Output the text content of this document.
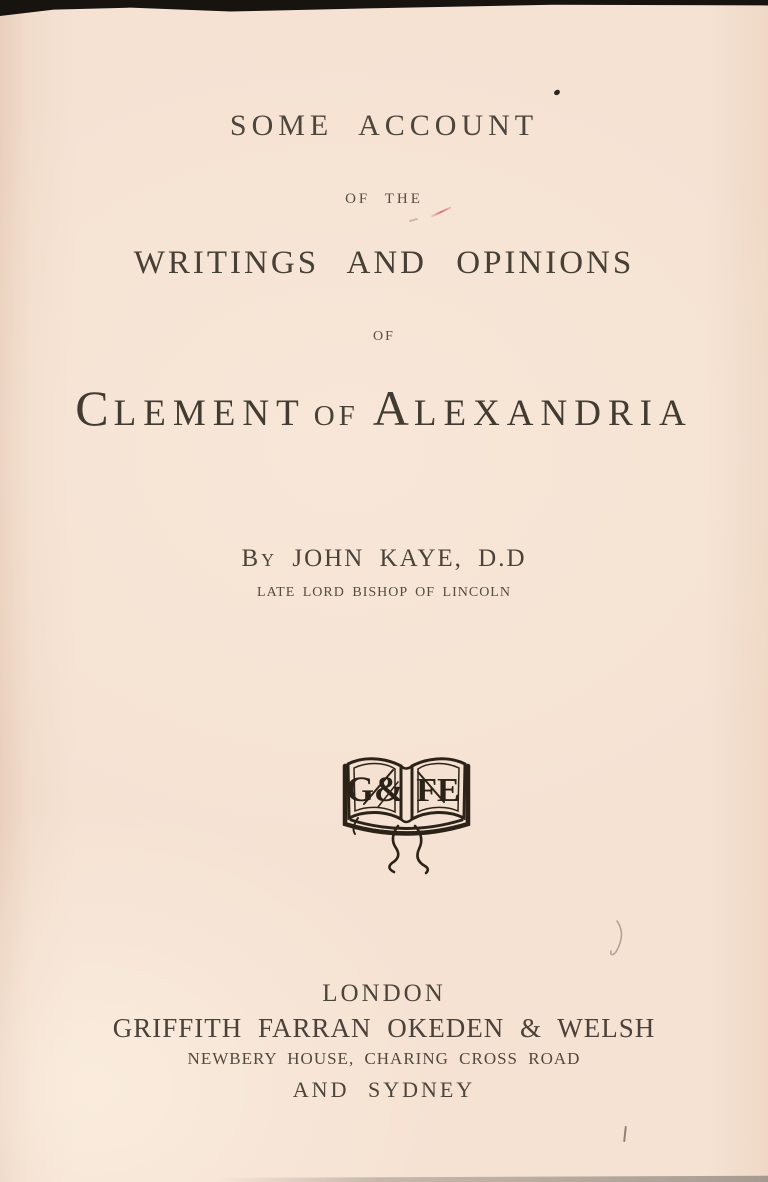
SOME ACCOUNT
OF THE
WRITINGS AND OPINIONS
OF
CLEMENT OF ALEXANDRIA
By JOHN KAYE, D.D
LATE LORD BISHOP OF LINCOLN
G& FE
LONDON
GRIFFITH FARRAN OKEDEN & WELSH
NEWBERY HOUSE, CHARING CROSS ROAD
AND SYDNEY
